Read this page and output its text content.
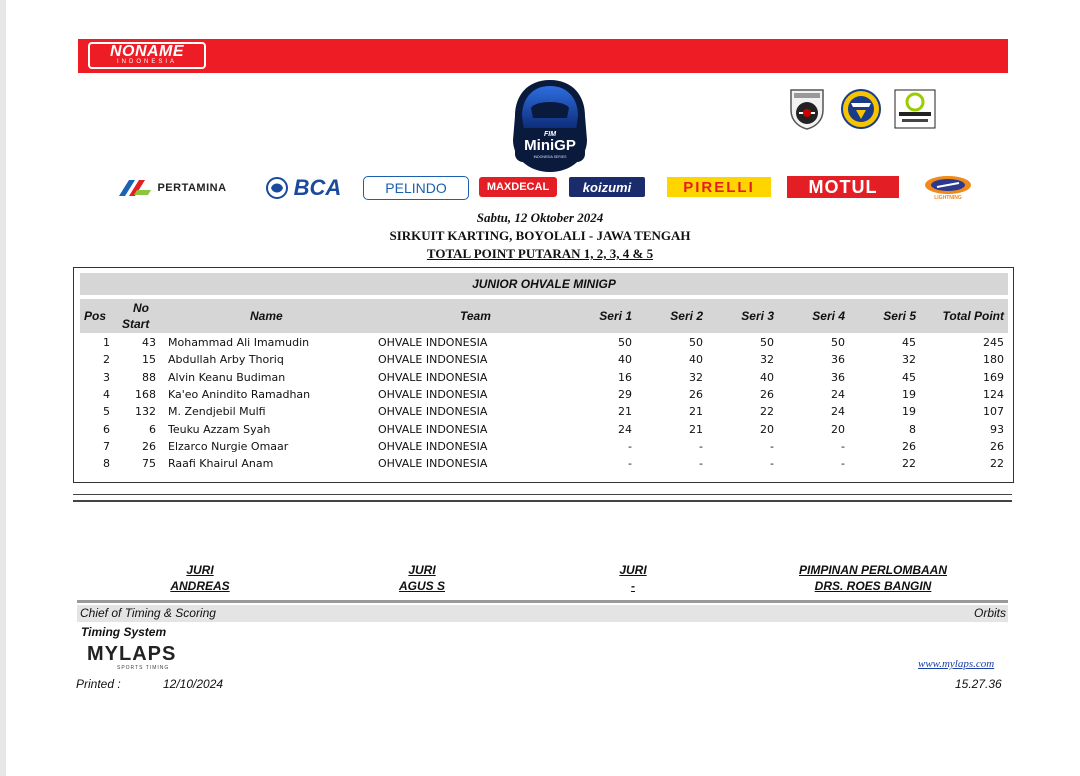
NONAME
INDONESIA
FIM
MiniGP
INDONESIA SERIES
PERTAMINA	BCA	PELINDO	MAXDECAL	koizumi	PIRELLI	MOTUL
LIGHTNING
Sabtu, 12 Oktober 2024
SIRKUIT KARTING, BOYOLALI - JAWA TENGAH
TOTAL POINT PUTARAN 1, 2, 3, 4 & 5
JUNIOR OHVALE MINIGP
Pos
No
Start
Name	Team	Seri 1	Seri 2	Seri 3	Seri 4	Seri 5	Total Point
1	43 Mohammad Ali Imamudin	OHVALE INDONESIA	50	50	50	50	45	245
2	15 Abdullah Arby Thoriq	OHVALE INDONESIA	40	40	32	36	32	180
3	88 Alvin Keanu Budiman	OHVALE INDONESIA	16	32	40	36	45	169
4	168 Ka'eo Anindito Ramadhan	OHVALE INDONESIA	29	26	26	24	19	124
5	132 M. Zendjebil Mulfi	OHVALE INDONESIA	21	21	22	24	19	107
6	6 Teuku Azzam Syah	OHVALE INDONESIA	24	21	20	20	8	93
7	26 Elzarco Nurgie Omaar	OHVALE INDONESIA	-	-	-	-	26	26
8	75 Raafi Khairul Anam	OHVALE INDONESIA	-	-	-	-	22	22
JURI
ANDREAS
JURI
AGUS S
JURI
-
PIMPINAN PERLOMBAAN
DRS. ROES BANGIN
Chief of Timing & Scoring	Orbits
Timing System
MYLAPS
SPORTS TIMING	www.mylaps.com
Printed :	12/10/2024	15.27.36
